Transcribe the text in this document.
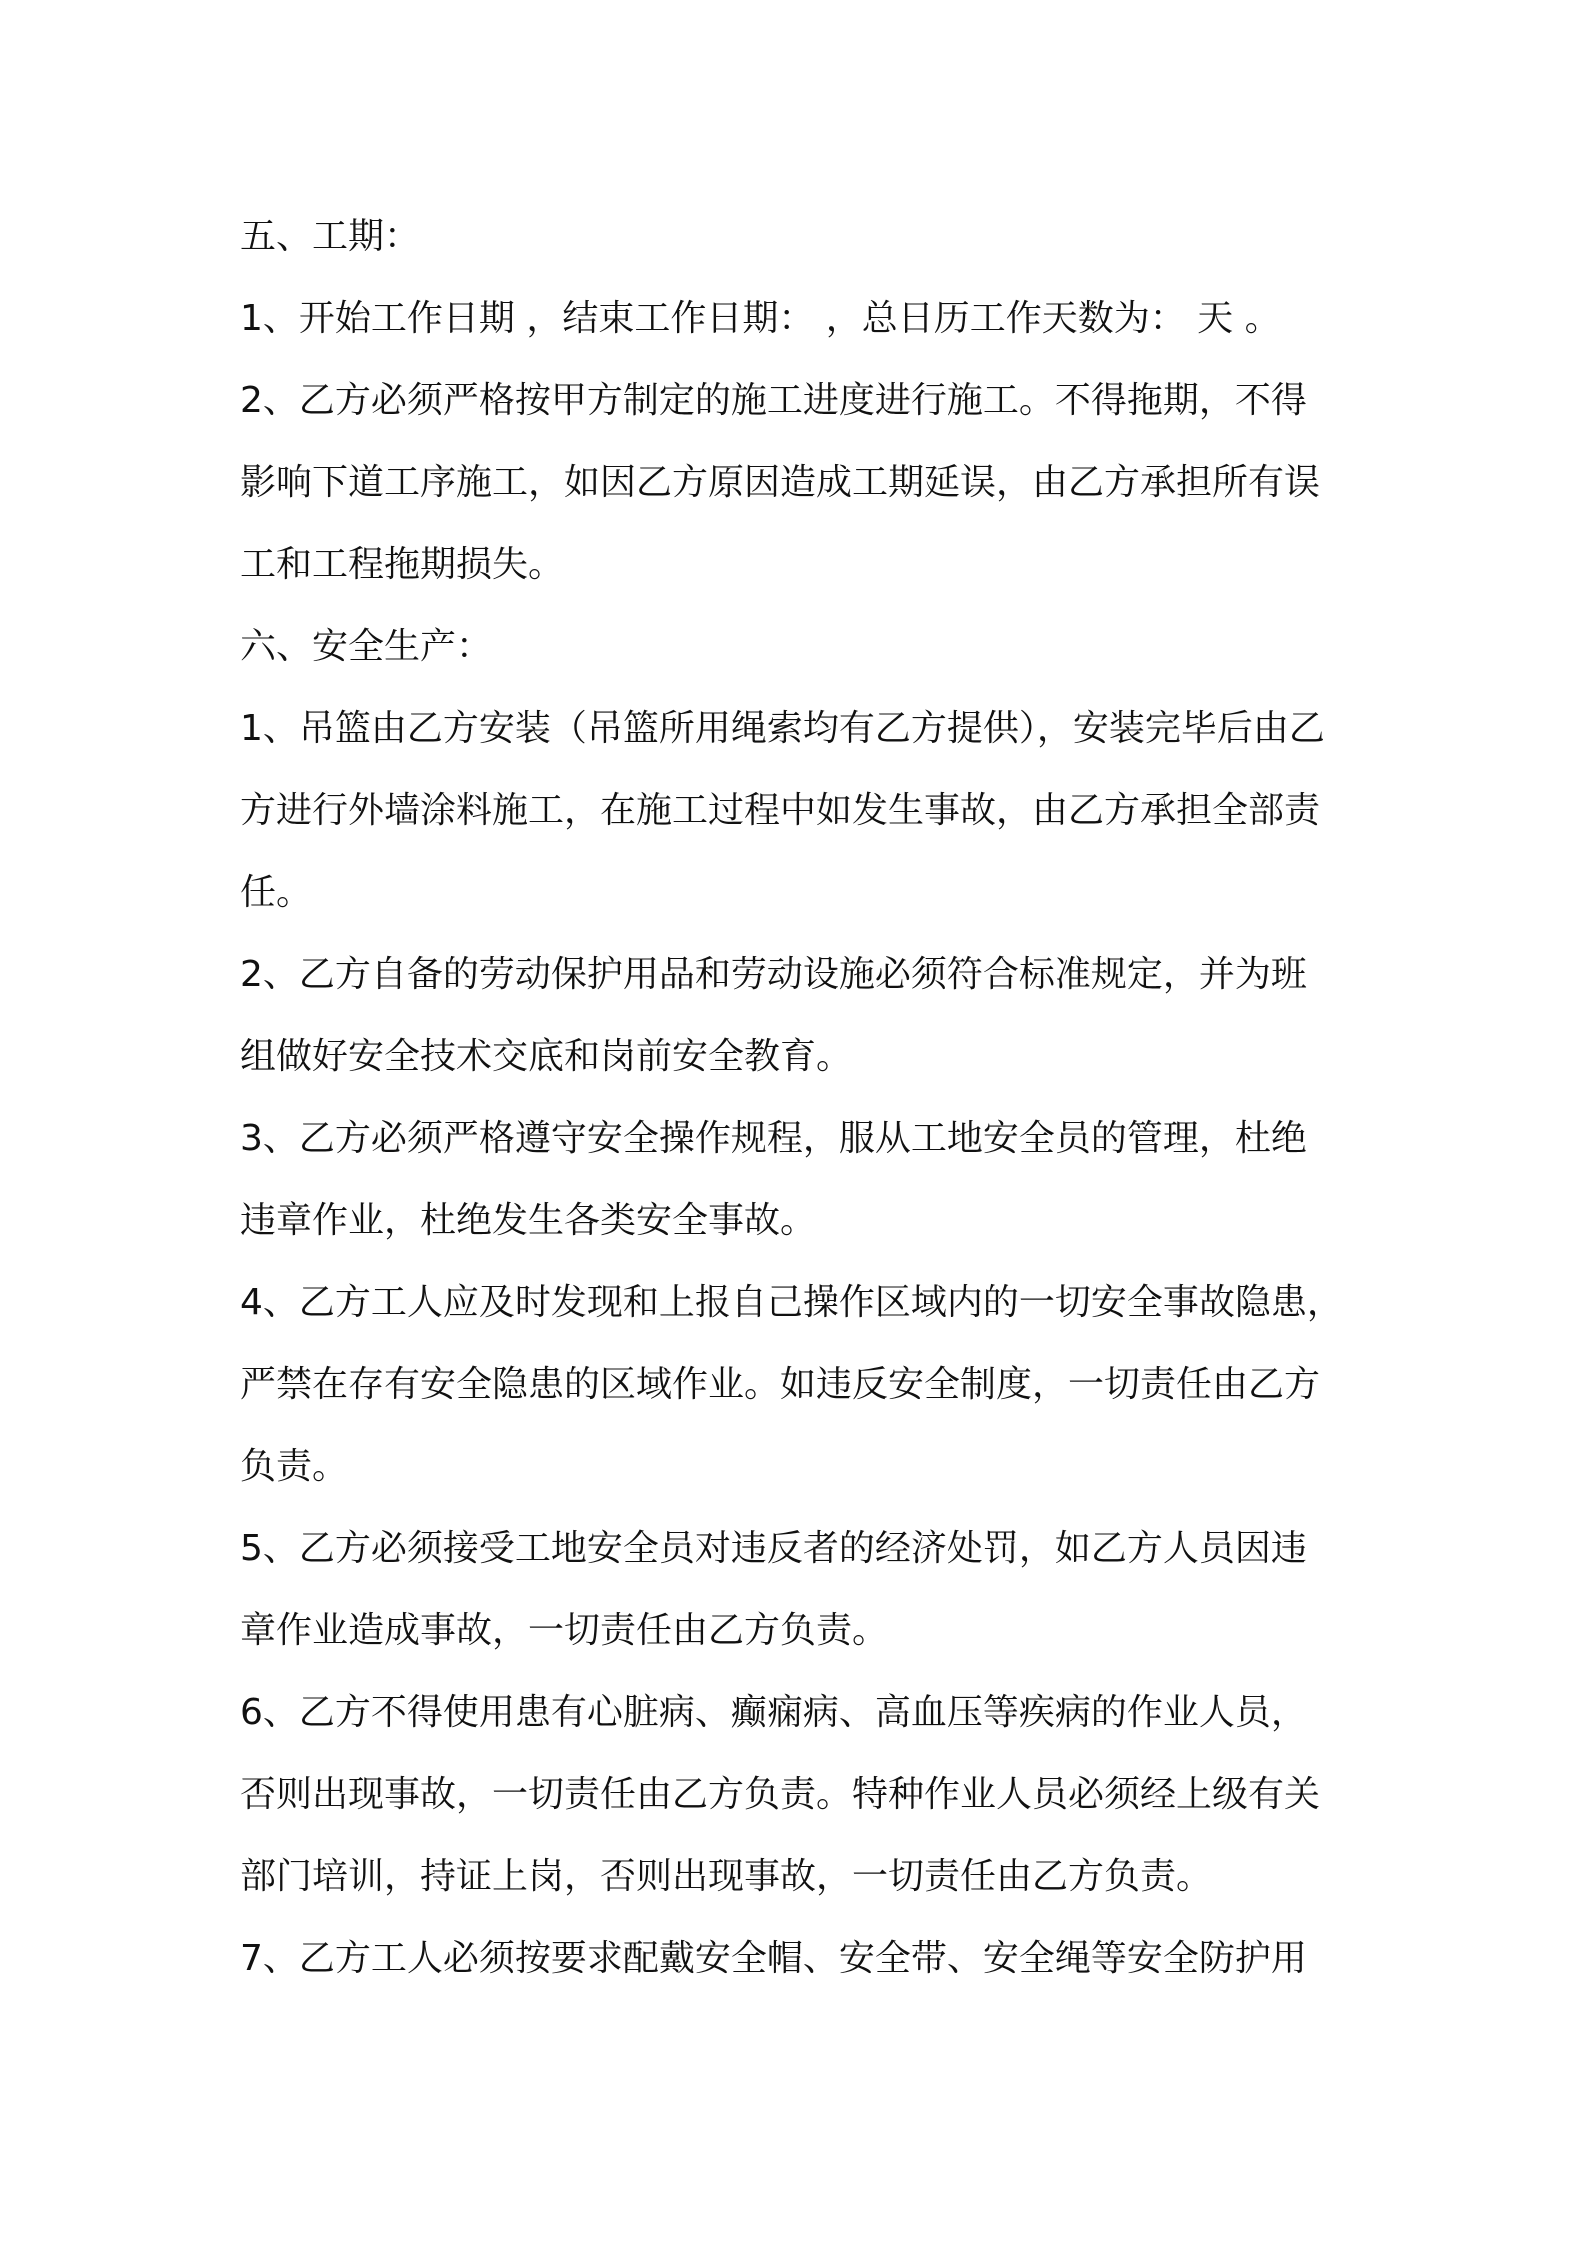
五、工期：
1、开始工作日期 ，结束工作日期： ，总日历工作天数为： 天 。
2、乙方必须严格按甲方制定的施工进度进行施工。不得拖期，不得
影响下道工序施工，如因乙方原因造成工期延误，由乙方承担所有误
工和工程拖期损失。
六、安全生产：
1、吊篮由乙方安装（吊篮所用绳索均有乙方提供），安装完毕后由乙
方进行外墙涂料施工，在施工过程中如发生事故，由乙方承担全部责
任。
2、乙方自备的劳动保护用品和劳动设施必须符合标准规定，并为班
组做好安全技术交底和岗前安全教育。
3、乙方必须严格遵守安全操作规程，服从工地安全员的管理，杜绝
违章作业，杜绝发生各类安全事故。
4、乙方工人应及时发现和上报自己操作区域内的一切安全事故隐患，
严禁在存有安全隐患的区域作业。如违反安全制度，一切责任由乙方
负责。
5、乙方必须接受工地安全员对违反者的经济处罚，如乙方人员因违
章作业造成事故，一切责任由乙方负责。
6、乙方不得使用患有心脏病、癫痫病、高血压等疾病的作业人员，
否则出现事故，一切责任由乙方负责。特种作业人员必须经上级有关
部门培训，持证上岗，否则出现事故，一切责任由乙方负责。
7、乙方工人必须按要求配戴安全帽、安全带、安全绳等安全防护用
